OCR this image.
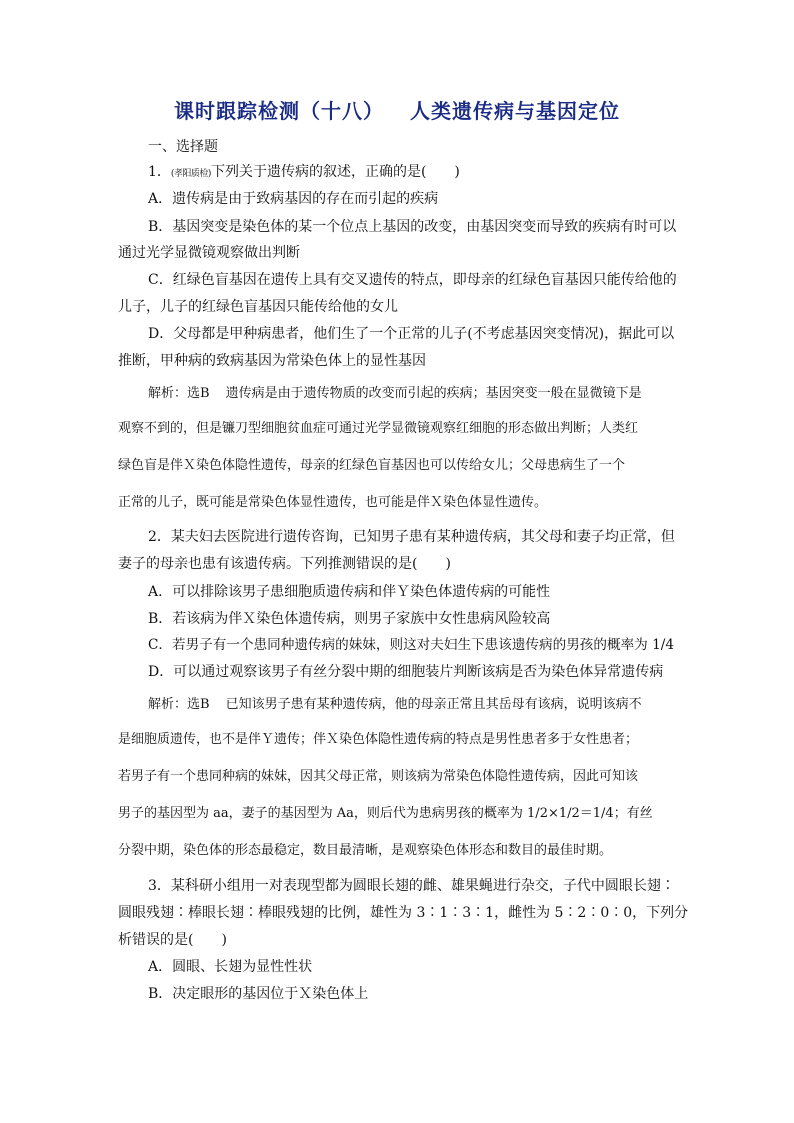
课时跟踪检测（十八） 人类遗传病与基因定位
一、选择题
1．(孝阳质检)下列关于遗传病的叙述，正确的是(　　)
A．遗传病是由于致病基因的存在而引起的疾病
B．基因突变是染色体的某一个位点上基因的改变，由基因突变而导致的疾病有时可以
通过光学显微镜观察做出判断
C．红绿色盲基因在遗传上具有交叉遗传的特点，即母亲的红绿色盲基因只能传给他的
儿子，儿子的红绿色盲基因只能传给他的女儿
D．父母都是甲种病患者，他们生了一个正常的儿子(不考虑基因突变情况)，据此可以
推断，甲种病的致病基因为常染色体上的显性基因
解析：选B 遗传病是由于遗传物质的改变而引起的疾病；基因突变一般在显微镜下是
观察不到的，但是镰刀型细胞贫血症可通过光学显微镜观察红细胞的形态做出判断；人类红
绿色盲是伴Ｘ染色体隐性遗传，母亲的红绿色盲基因也可以传给女儿；父母患病生了一个
正常的儿子，既可能是常染色体显性遗传，也可能是伴Ｘ染色体显性遗传。
2．某夫妇去医院进行遗传咨询，已知男子患有某种遗传病，其父母和妻子均正常，但
妻子的母亲也患有该遗传病。下列推测错误的是(　　)
A．可以排除该男子患细胞质遗传病和伴Ｙ染色体遗传病的可能性
B．若该病为伴Ｘ染色体遗传病，则男子家族中女性患病风险较高
C．若男子有一个患同种遗传病的妹妹，则这对夫妇生下患该遗传病的男孩的概率为 1/4
D．可以通过观察该男子有丝分裂中期的细胞装片判断该病是否为染色体异常遗传病
解析：选B 已知该男子患有某种遗传病，他的母亲正常且其岳母有该病，说明该病不
是细胞质遗传，也不是伴Ｙ遗传；伴Ｘ染色体隐性遗传病的特点是男性患者多于女性患者；
若男子有一个患同种病的妹妹，因其父母正常，则该病为常染色体隐性遗传病，因此可知该
男子的基因型为 aa，妻子的基因型为 Aa，则后代为患病男孩的概率为 1/2×1/2＝1/4；有丝
分裂中期，染色体的形态最稳定，数目最清晰，是观察染色体形态和数目的最佳时期。
3．某科研小组用一对表现型都为圆眼长翅的雌、雄果蝇进行杂交，子代中圆眼长翅∶
圆眼残翅∶棒眼长翅∶棒眼残翅的比例，雄性为 3∶1∶3∶1，雌性为 5∶2∶0∶0，下列分
析错误的是(　　)
A．圆眼、长翅为显性性状
B．决定眼形的基因位于Ｘ染色体上
